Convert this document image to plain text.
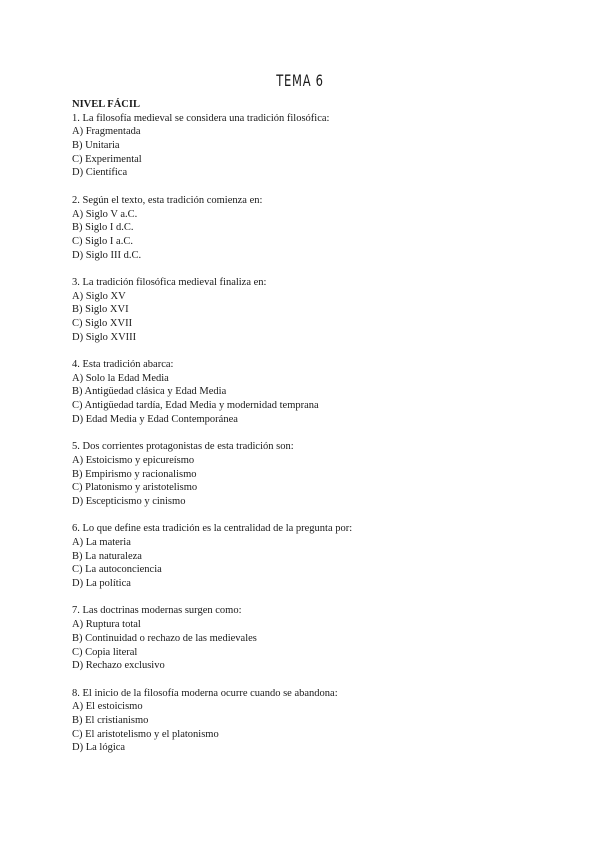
TEMA 6

NIVEL FÁCIL

1. La filosofía medieval se considera una tradición filosófica:
A) Fragmentada
B) Unitaria
C) Experimental
D) Científica
2. Según el texto, esta tradición comienza en:
A) Siglo V a.C.
B) Siglo I d.C.
C) Siglo I a.C.
D) Siglo III d.C.
3. La tradición filosófica medieval finaliza en:
A) Siglo XV
B) Siglo XVI
C) Siglo XVII
D) Siglo XVIII
4. Esta tradición abarca:
A) Solo la Edad Media
B) Antigüedad clásica y Edad Media
C) Antigüedad tardía, Edad Media y modernidad temprana
D) Edad Media y Edad Contemporánea
5. Dos corrientes protagonistas de esta tradición son:
A) Estoicismo y epicureísmo
B) Empirismo y racionalismo
C) Platonismo y aristotelismo
D) Escepticismo y cinismo
6. Lo que define esta tradición es la centralidad de la pregunta por:
A) La materia
B) La naturaleza
C) La autoconciencia
D) La política
7. Las doctrinas modernas surgen como:
A) Ruptura total
B) Continuidad o rechazo de las medievales
C) Copia literal
D) Rechazo exclusivo
8. El inicio de la filosofía moderna ocurre cuando se abandona:
A) El estoicismo
B) El cristianismo
C) El aristotelismo y el platonismo
D) La lógica
